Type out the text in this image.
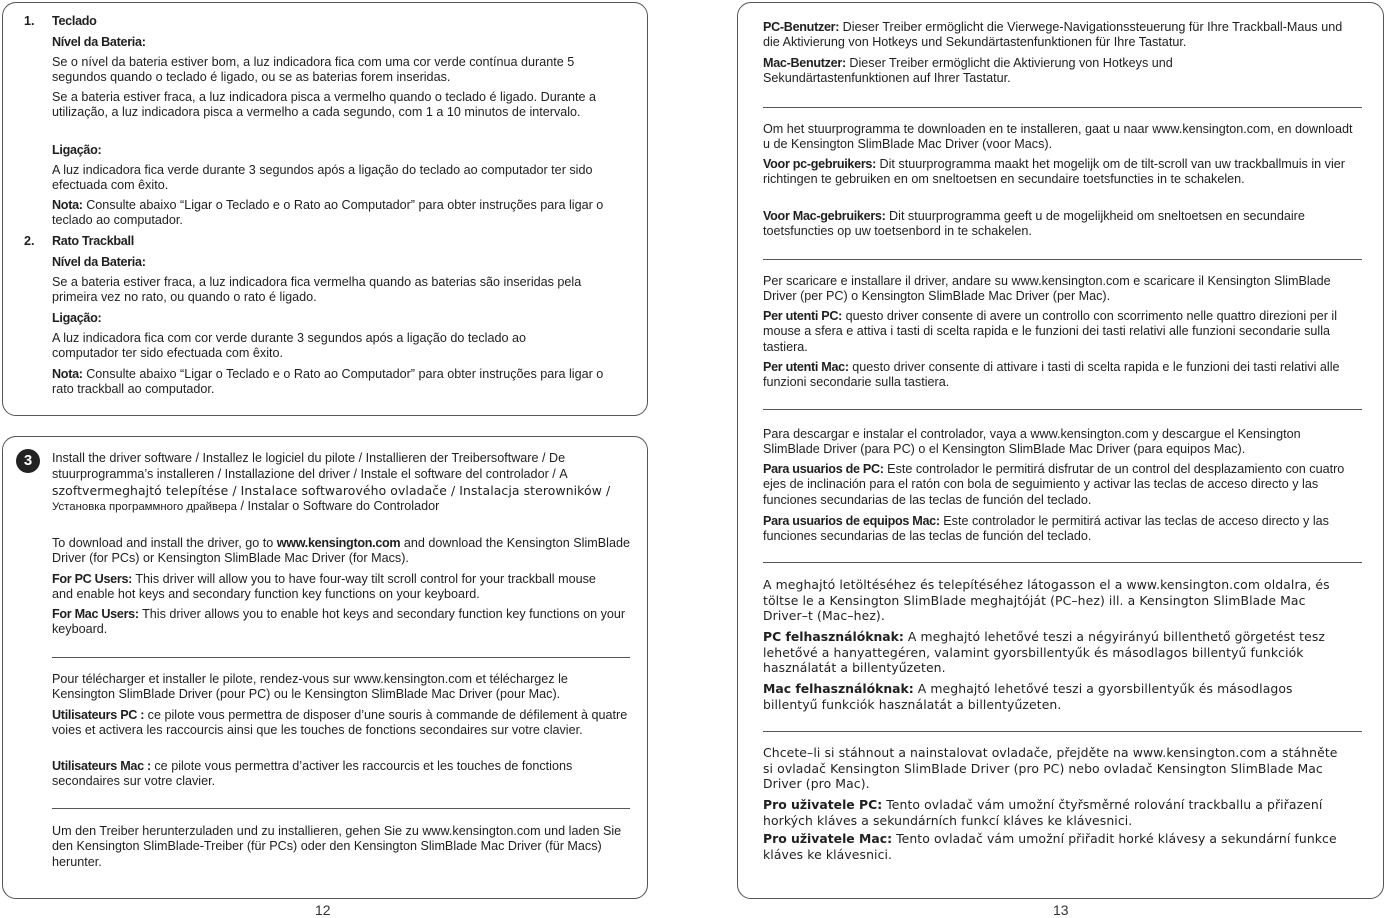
1. Teclado
Nível da Bateria:

Se o nível da bateria estiver bom, a luz indicadora fica com uma cor verde contínua durante 5 segundos quando o teclado é ligado, ou se as baterias forem inseridas.

Se a bateria estiver fraca, a luz indicadora pisca a vermelho quando o teclado é ligado. Durante a utilização, a luz indicadora pisca a vermelho a cada segundo, com 1 a 10 minutos de intervalo.

Ligação:

A luz indicadora fica verde durante 3 segundos após a ligação do teclado ao computador ter sido efectuada com êxito.

Nota: Consulte abaixo “Ligar o Teclado e o Rato ao Computador” para obter instruções para ligar o teclado ao computador.

2. Rato Trackball
Nível da Bateria:

Se a bateria estiver fraca, a luz indicadora fica vermelha quando as baterias são inseridas pela primeira vez no rato, ou quando o rato é ligado.

Ligação:

A luz indicadora fica com cor verde durante 3 segundos após a ligação do teclado ao computador ter sido efectuada com êxito.

Nota: Consulte abaixo “Ligar o Teclado e o Rato ao Computador” para obter instruções para ligar o rato trackball ao computador.

3	Install the driver software / Installez le logiciel du pilote / Installieren der Treibersoftware / De stuurprogramma’s installeren / Installazione del driver / Instale el software del controlador / A szoftvermeghajtó telepítése / Instalace softwarového ovladače / Instalacja sterowników / Установка программного драйвера / Instalar o Software do Controlador

To download and install the driver, go to www.kensington.com and download the Kensington SlimBlade Driver (for PCs) or Kensington SlimBlade Mac Driver (for Macs).

For PC Users: This driver will allow you to have four-way tilt scroll control for your trackball mouse and enable hot keys and secondary function key functions on your keyboard.

For Mac Users: This driver allows you to enable hot keys and secondary function key functions on your keyboard.

Pour télécharger et installer le pilote, rendez-vous sur www.kensington.com et téléchargez le Kensington SlimBlade Driver (pour PC) ou le Kensington SlimBlade Mac Driver (pour Mac).

Utilisateurs PC : ce pilote vous permettra de disposer d’une souris à commande de défilement à quatre voies et activera les raccourcis ainsi que les touches de fonctions secondaires sur votre clavier.

Utilisateurs Mac : ce pilote vous permettra d’activer les raccourcis et les touches de fonctions secondaires sur votre clavier.

Um den Treiber herunterzuladen und zu installieren, gehen Sie zu www.kensington.com und laden Sie den Kensington SlimBlade-Treiber (für PCs) oder den Kensington SlimBlade Mac Driver (für Macs) herunter.

12

PC-Benutzer: Dieser Treiber ermöglicht die Vierwege-Navigationssteuerung für Ihre Trackball-Maus und die Aktivierung von Hotkeys und Sekundärtastenfunktionen für Ihre Tastatur.

Mac-Benutzer: Dieser Treiber ermöglicht die Aktivierung von Hotkeys und Sekundärtastenfunktionen auf Ihrer Tastatur.

Om het stuurprogramma te downloaden en te installeren, gaat u naar www.kensington.com, en downloadt u de Kensington SlimBlade Mac Driver (voor Macs).

Voor pc-gebruikers: Dit stuurprogramma maakt het mogelijk om de tilt-scroll van uw trackballmuis in vier richtingen te gebruiken en om sneltoetsen en secundaire toetsfuncties in te schakelen.

Voor Mac-gebruikers: Dit stuurprogramma geeft u de mogelijkheid om sneltoetsen en secundaire toetsfuncties op uw toetsenbord in te schakelen.

Per scaricare e installare il driver, andare su www.kensington.com e scaricare il Kensington SlimBlade Driver (per PC) o Kensington SlimBlade Mac Driver (per Mac).

Per utenti PC: questo driver consente di avere un controllo con scorrimento nelle quattro direzioni per il mouse a sfera e attiva i tasti di scelta rapida e le funzioni dei tasti relativi alle funzioni secondarie sulla tastiera.

Per utenti Mac: questo driver consente di attivare i tasti di scelta rapida e le funzioni dei tasti relativi alle funzioni secondarie sulla tastiera.

Para descargar e instalar el controlador, vaya a www.kensington.com y descargue el Kensington SlimBlade Driver (para PC) o el Kensington SlimBlade Mac Driver (para equipos Mac).

Para usuarios de PC: Este controlador le permitirá disfrutar de un control del desplazamiento con cuatro ejes de inclinación para el ratón con bola de seguimiento y activar las teclas de acceso directo y las funciones secundarias de las teclas de función del teclado.

Para usuarios de equipos Mac: Este controlador le permitirá activar las teclas de acceso directo y las funciones secundarias de las teclas de función del teclado.

A meghajtó letöltéséhez és telepítéséhez látogasson el a www.kensington.com oldalra, és töltse le a Kensington SlimBlade meghajtóját (PC–hez) ill. a Kensington SlimBlade Mac Driver–t (Mac–hez).

PC felhasználóknak: A meghajtó lehetővé teszi a négyirányú billenthető görgetést tesz lehetővé a hanyattegéren, valamint gyorsbillentyűk és másodlagos billentyű funkciók használatát a billentyűzeten.

Mac felhasználóknak: A meghajtó lehetővé teszi a gyorsbillentyűk és másodlagos billentyű funkciók használatát a billentyűzeten.

Chcete–li si stáhnout a nainstalovat ovladače, přejděte na www.kensington.com a stáhněte si ovladač Kensington SlimBlade Driver (pro PC) nebo ovladač Kensington SlimBlade Mac Driver (pro Mac).

Pro uživatele PC: Tento ovladač vám umožní čtyřsměrné rolování trackballu a přiřazení horkých kláves a sekundárních funkcí kláves ke klávesnici.

Pro uživatele Mac: Tento ovladač vám umožní přiřadit horké klávesy a sekundární funkce kláves ke klávesnici.

13
